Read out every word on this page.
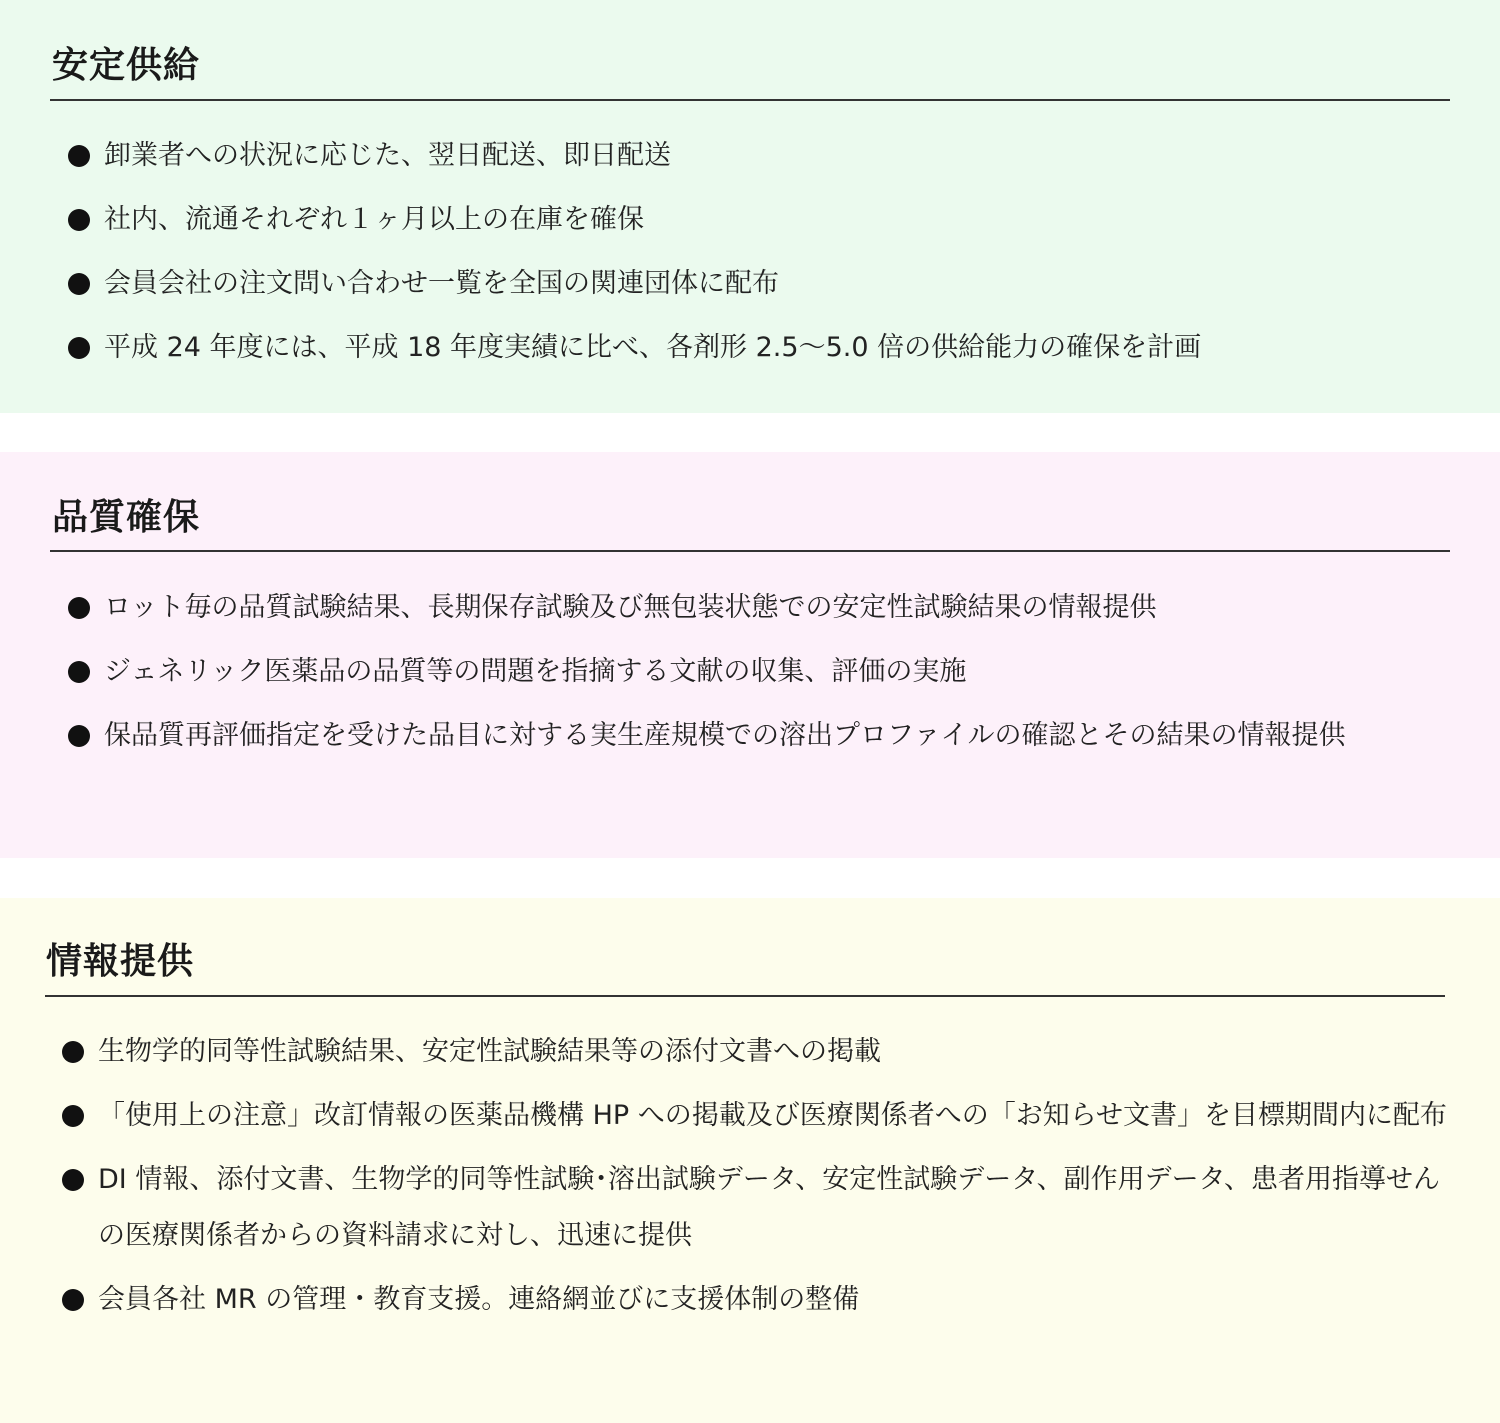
安定供給
卸業者への状況に応じた、翌日配送、即日配送
社内、流通それぞれ１ヶ月以上の在庫を確保
会員会社の注文問い合わせ一覧を全国の関連団体に配布
平成 24 年度には、平成 18 年度実績に比べ、各剤形 2.5〜5.0 倍の供給能力の確保を計画
品質確保
ロット毎の品質試験結果、長期保存試験及び無包装状態での安定性試験結果の情報提供
ジェネリック医薬品の品質等の問題を指摘する文献の収集、評価の実施
保品質再評価指定を受けた品目に対する実生産規模での溶出プロファイルの確認とその結果の情報提供
情報提供
生物学的同等性試験結果、安定性試験結果等の添付文書への掲載
「使用上の注意」改訂情報の医薬品機構 HP への掲載及び医療関係者への「お知らせ文書」を目標期間内に配布
DI 情報、添付文書、生物学的同等性試験･溶出試験データ、安定性試験データ、副作用データ、患者用指導せんの医療関係者からの資料請求に対し、迅速に提供
会員各社 MR の管理・教育支援。連絡網並びに支援体制の整備
